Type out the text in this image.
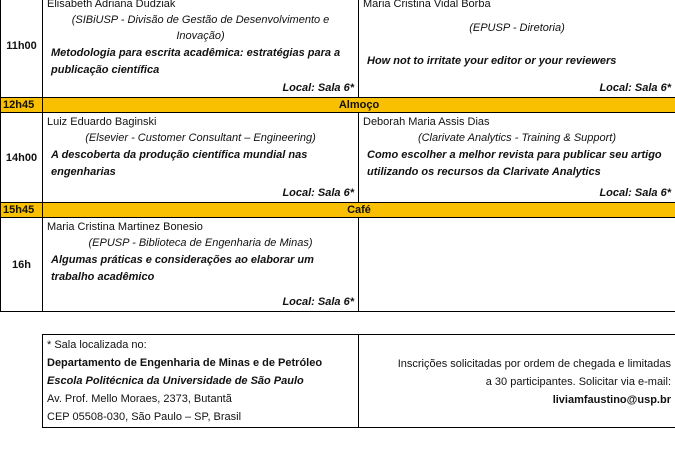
11h00	Elisabeth Adriana Dudziak
(SIBiUSP - Divisão de Gestão de Desenvolvimento e Inovação)
Metodologia para escrita acadêmica: estratégias para a publicação científica
Local: Sala 6*	Maria Cristina Vidal Borba
(EPUSP - Diretoria)
How not to irritate your editor or your reviewers
Local: Sala 6*

12h45	Almoço	
14h00	Luiz Eduardo Baginski
(Elsevier - Customer Consultant – Engineering)
A descoberta da produção científica mundial nas engenharias
Local: Sala 6*	Deborah Maria Assis Dias
(Clarivate Analytics - Training & Support)
Como escolher a melhor revista para publicar seu artigo utilizando os recursos da Clarivate Analytics
Local: Sala 6*

15h45	Café	
16h	Maria Cristina Martinez Bonesio
(EPUSP - Biblioteca de Engenharia de Minas)
Algumas práticas e considerações ao elaborar um trabalho acadêmico
Local: Sala 6*	

* Sala localizada no:
Departamento de Engenharia de Minas e de Petróleo
Escola Politécnica da Universidade de São Paulo
Av. Prof. Mello Moraes, 2373, Butantã
CEP 05508-030, São Paulo – SP, Brasil

Inscrições solicitadas por ordem de chegada e limitadas
a 30 participantes. Solicitar via e-mail:
liviamfaustino@usp.br
